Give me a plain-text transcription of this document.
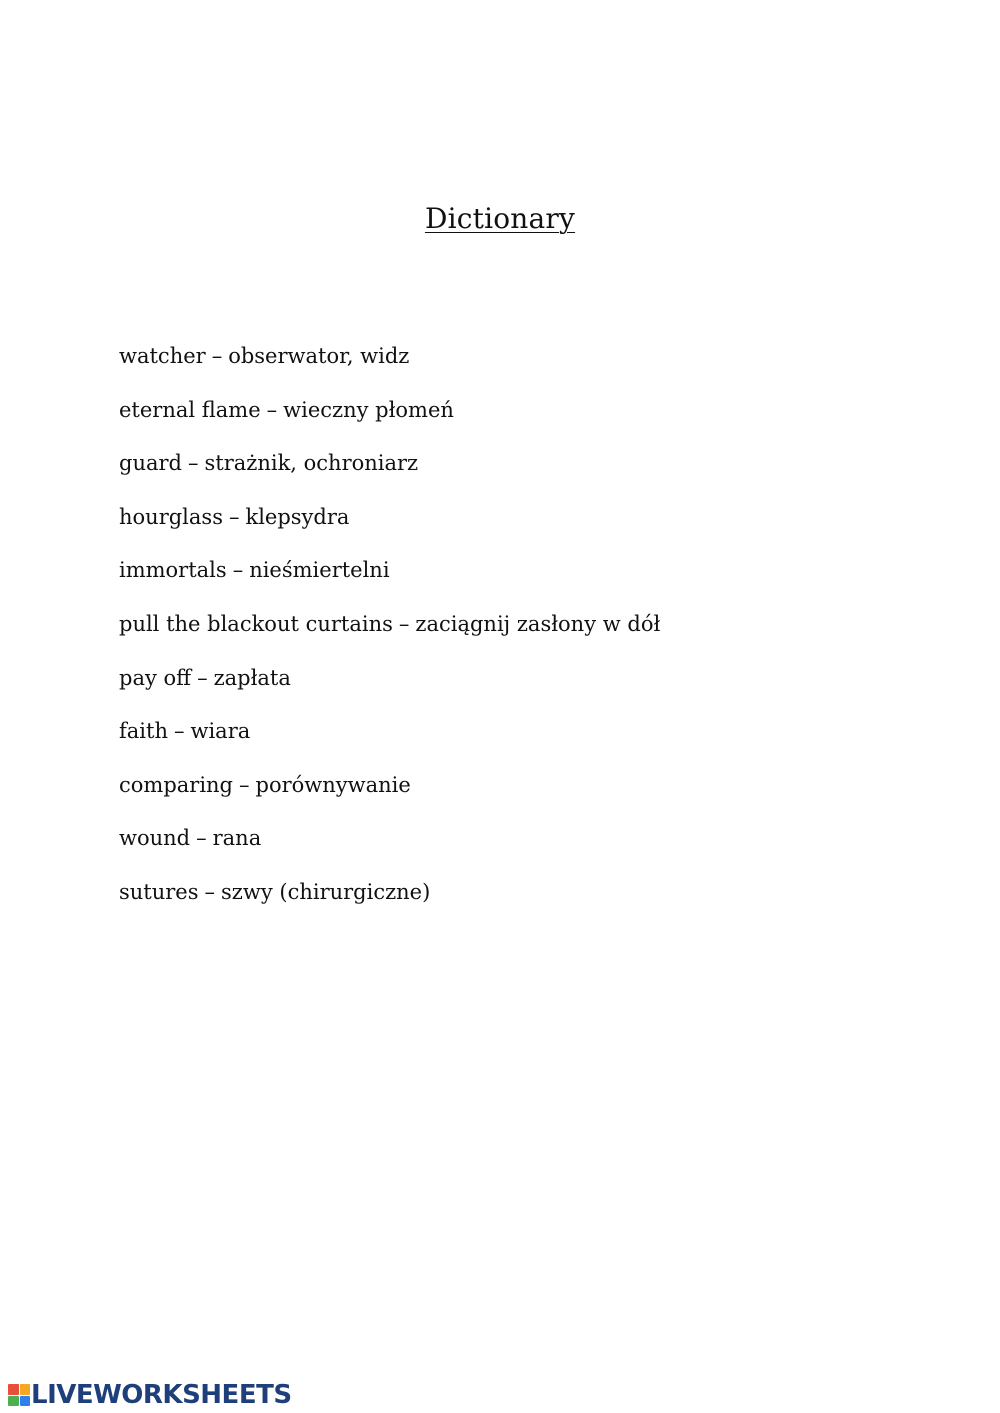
Dictionary
watcher – obserwator, widz
eternal flame – wieczny płomeń
guard – strażnik, ochroniarz
hourglass – klepsydra
immortals – nieśmiertelni
pull the blackout curtains – zaciągnij zasłony w dół
pay off – zapłata
faith – wiara
comparing – porównywanie
wound – rana
sutures – szwy (chirurgiczne)
LIVEWORKSHEETS
